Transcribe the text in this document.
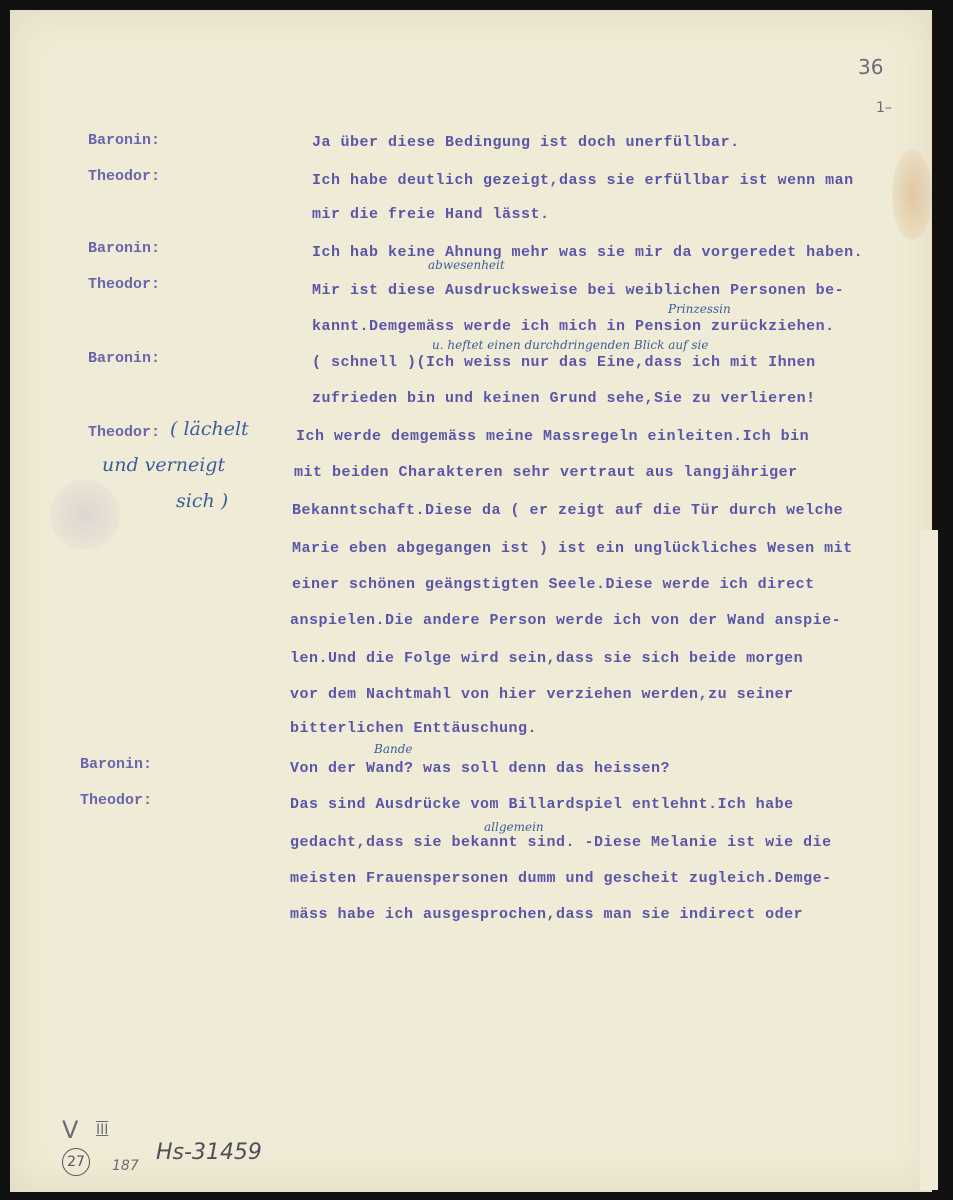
36
1–
Baronin:
Theodor:
Baronin:
Theodor:
Baronin:
Theodor:
Baronin:
Theodor:
Ja über diese Bedingung ist doch unerfüllbar.
Ich habe deutlich gezeigt,dass sie erfüllbar ist wenn man
mir die freie Hand lässt.
Ich hab keine Ahnung mehr was sie mir da vorgeredet haben.
Mir ist diese Ausdrucksweise bei weiblichen Personen be-
kannt.Demgemäss werde ich mich in Pension zurückziehen.
( schnell )(Ich weiss nur das Eine,dass ich mit Ihnen
zufrieden bin und keinen Grund sehe,Sie zu verlieren!
Ich werde demgemäss meine Massregeln einleiten.Ich bin
mit beiden Charakteren sehr vertraut aus langjähriger
Bekanntschaft.Diese da ( er zeigt auf die Tür durch welche
Marie eben abgegangen ist ) ist ein unglückliches Wesen mit
einer schönen geängstigten Seele.Diese werde ich direct
anspielen.Die andere Person werde ich von der Wand anspie-
len.Und die Folge wird sein,dass sie sich beide morgen
vor dem Nachtmahl von hier verziehen werden,zu seiner
bitterlichen Enttäuschung.
Von der Wand? was soll denn das heissen?
Das sind Ausdrücke vom Billardspiel entlehnt.Ich habe
gedacht,dass sie bekannt sind. -Diese Melanie ist wie die
meisten Frauenspersonen dumm und gescheit zugleich.Demge-
mäss habe ich ausgesprochen,dass man sie indirect oder
abwesenheit
Prinzessin
u. heftet einen durchdringenden Blick auf sie
( lächelt
und verneigt
sich )
Bande
allgemein
V III
27	187
Hs-31459
